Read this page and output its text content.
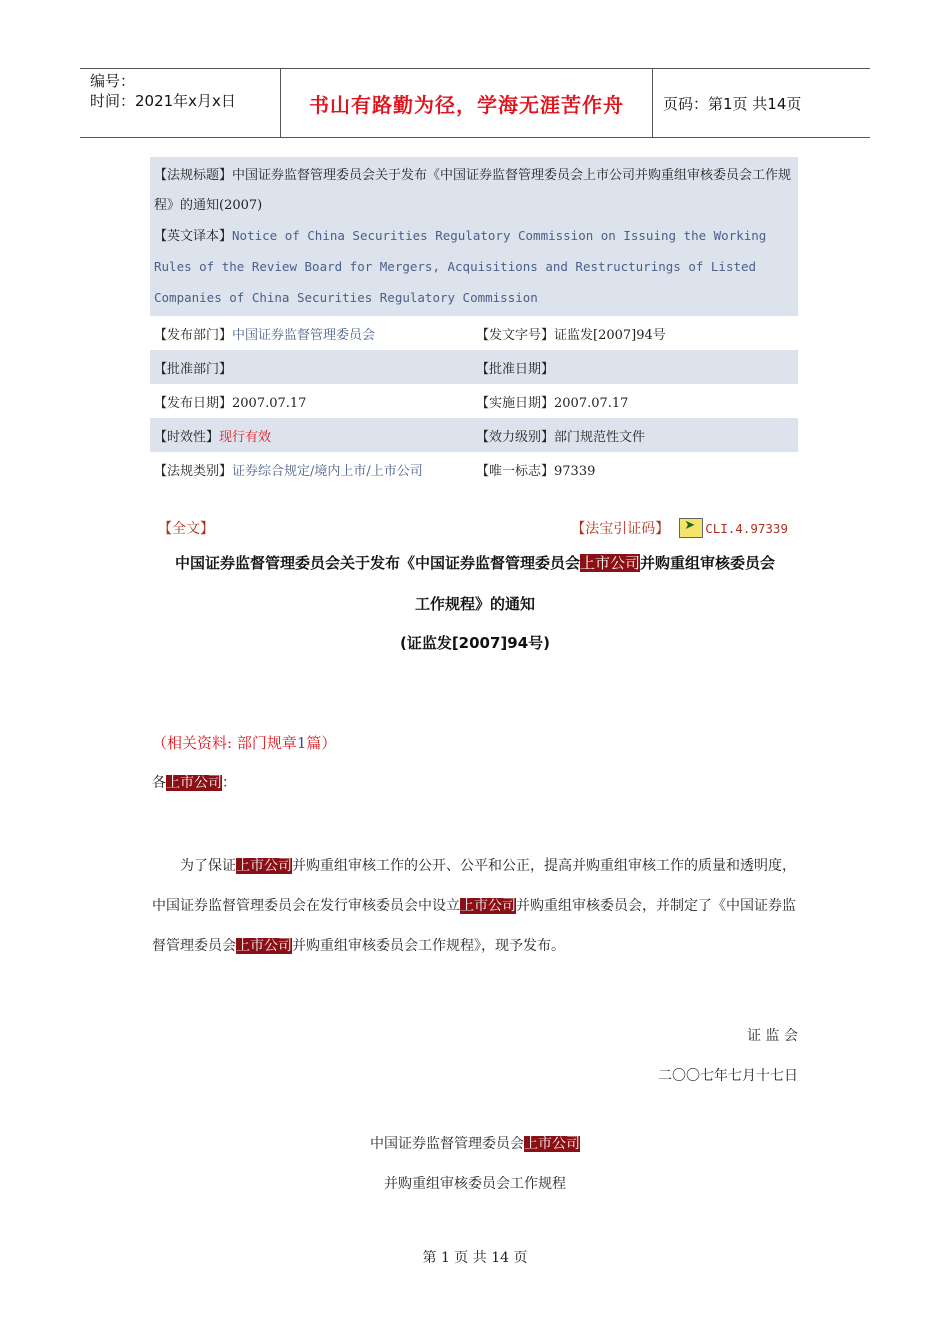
编号：
时间：2021年x月x日	书山有路勤为径，学海无涯苦作舟	页码：第1页 共14页
【法规标题】中国证券监督管理委员会关于发布《中国证券监督管理委员会上市公司并购重组审核委员会工作规程》的通知(2007)
【英文译本】Notice of China Securities Regulatory Commission on Issuing the Working Rules of the Review Board for Mergers, Acquisitions and Restructurings of Listed Companies of China Securities Regulatory Commission
【发布部门】中国证券监督管理委员会	【发文字号】证监发[2007]94号
【批准部门】	【批准日期】
【发布日期】2007.07.17	【实施日期】2007.07.17
【时效性】现行有效	【效力级别】部门规范性文件
【法规类别】证券综合规定/境内上市/上市公司	【唯一标志】97339
【全文】	【法宝引证码】
➤	CLI.4.97339
中国证券监督管理委员会关于发布《中国证券监督管理委员会上市公司并购重组审核委员会
工作规程》的通知
(证监发[2007]94号)
（相关资料: 部门规章1篇）
各上市公司：
为了保证上市公司并购重组审核工作的公开、公平和公正，提高并购重组审核工作的质量和透明度，中国证券监督管理委员会在发行审核委员会中设立上市公司并购重组审核委员会，并制定了《中国证券监督管理委员会上市公司并购重组审核委员会工作规程》，现予发布。
证 监 会
二〇〇七年七月十七日
中国证券监督管理委员会上市公司
并购重组审核委员会工作规程
第 1 页 共 14 页
